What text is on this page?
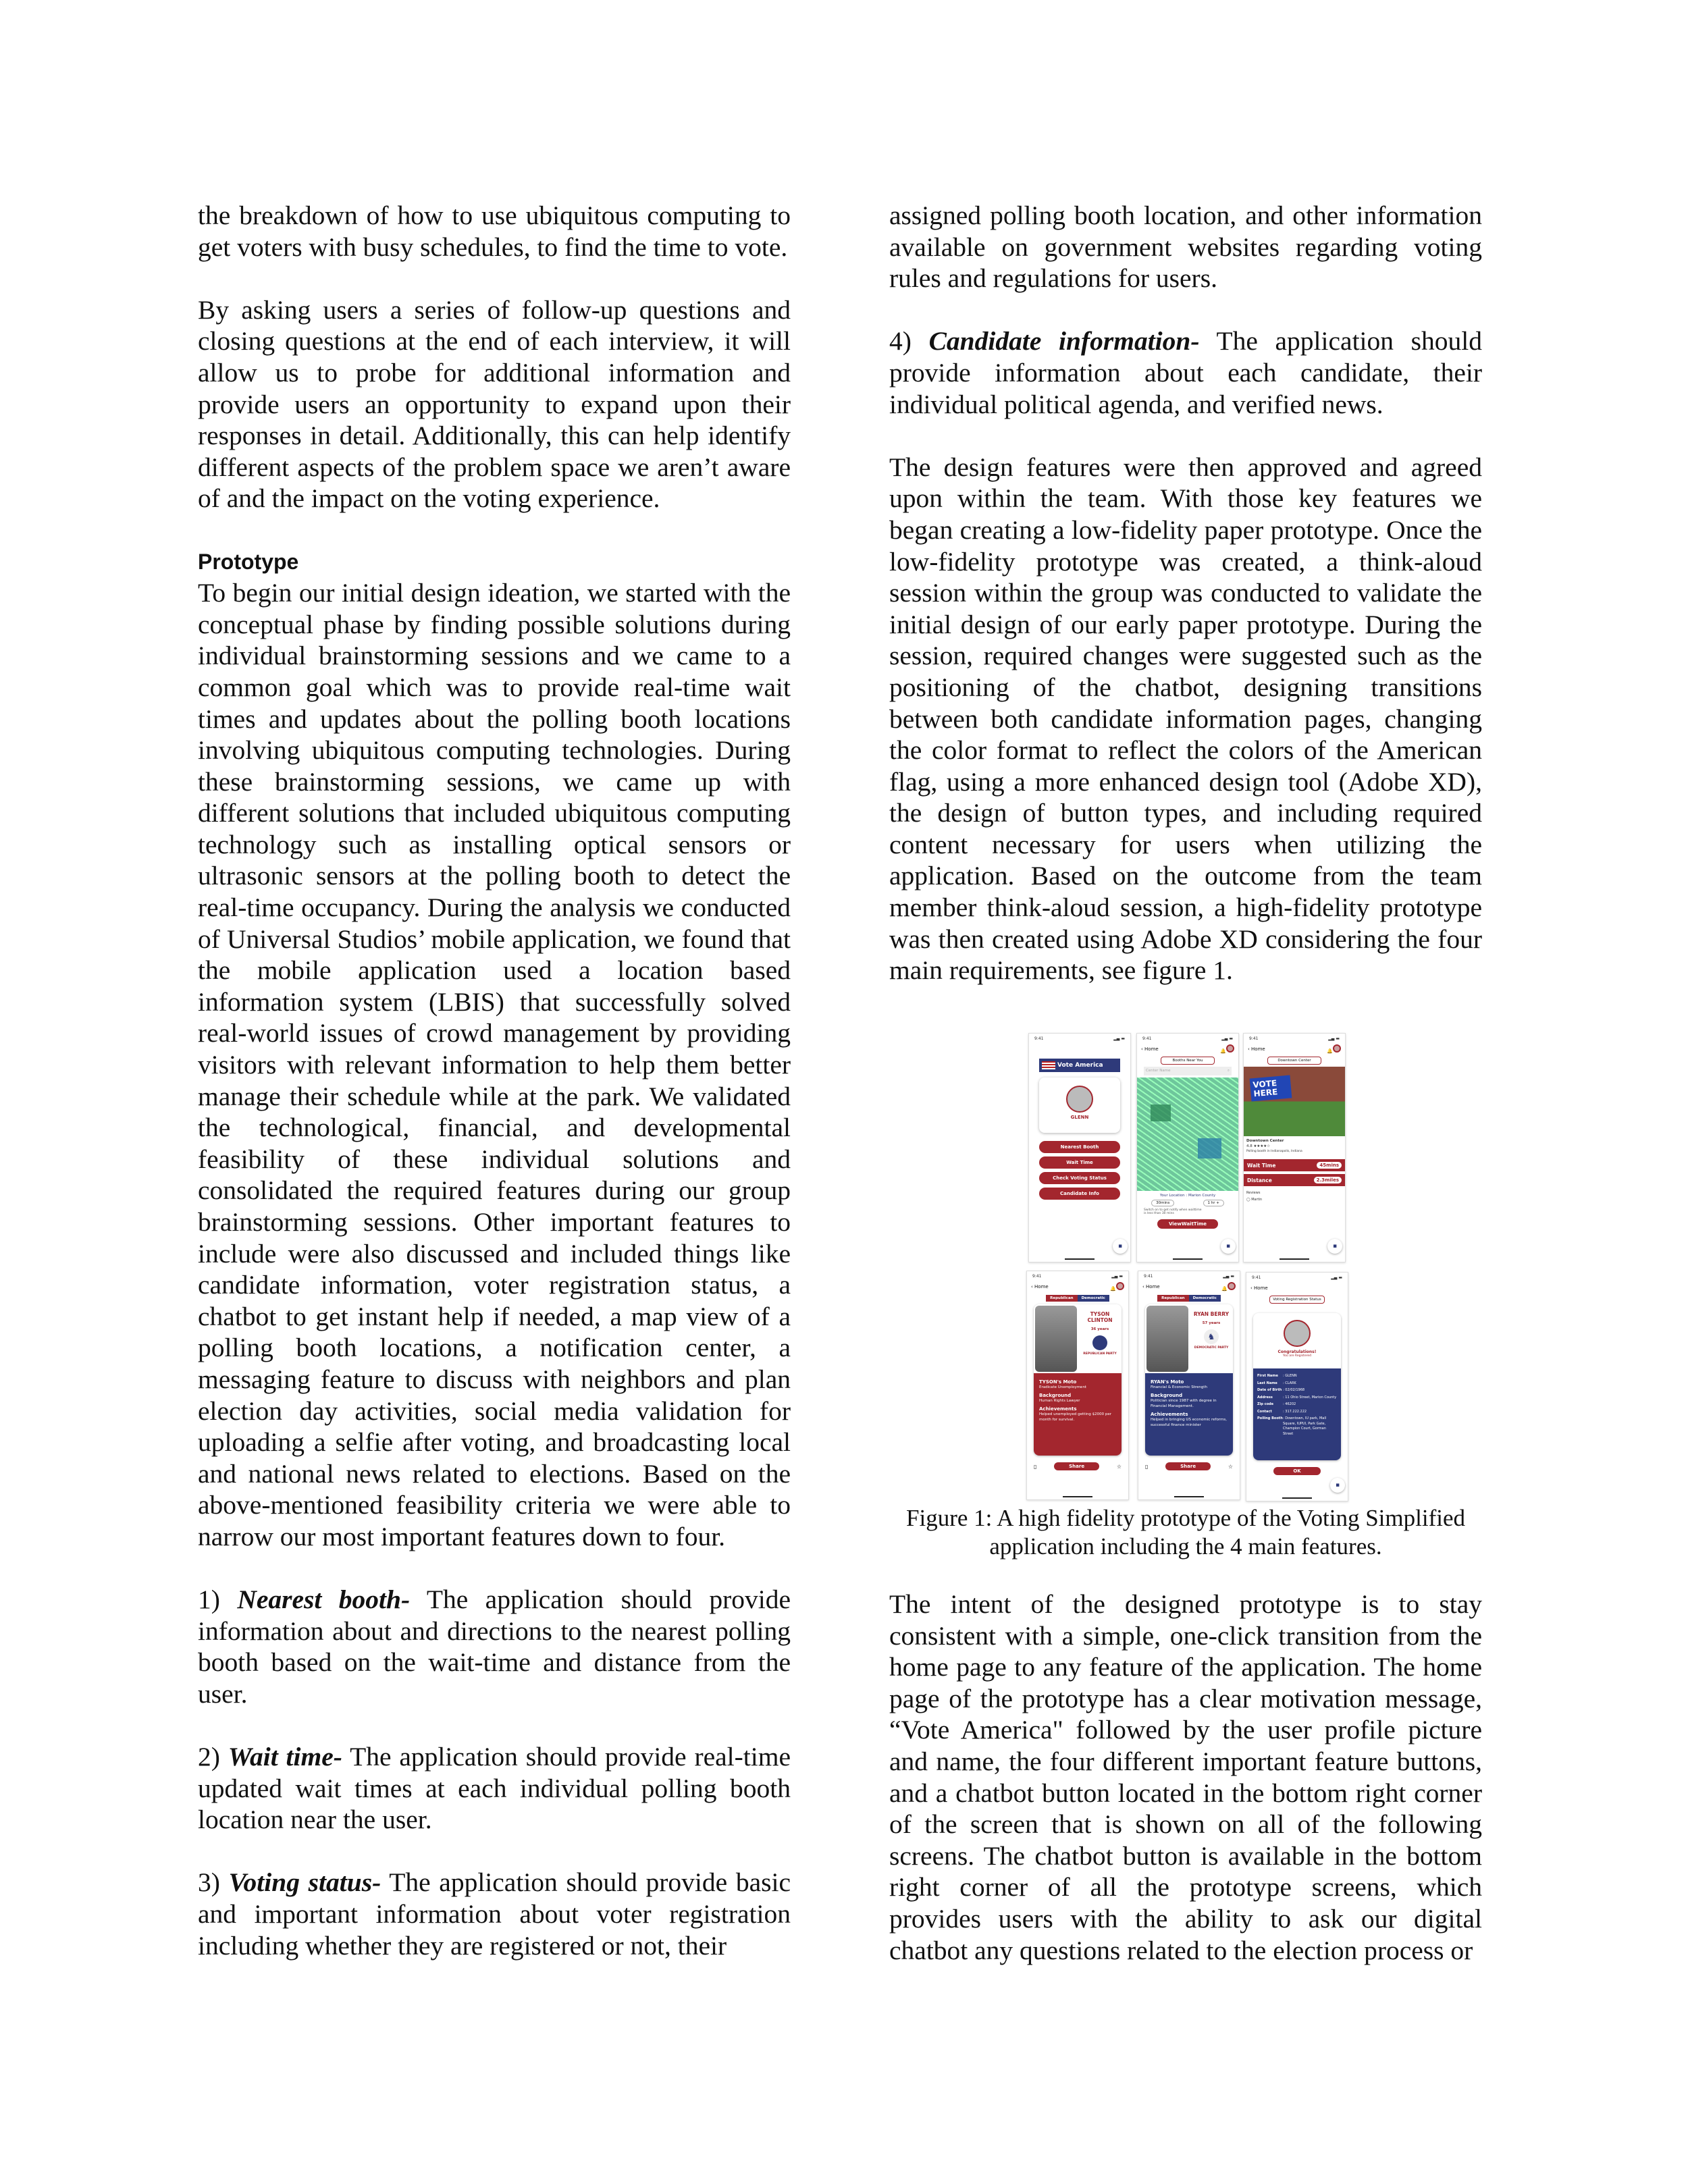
the breakdown of how to use ubiquitous computing to get voters with busy schedules, to find the time to vote.

By asking users a series of follow-up questions and closing questions at the end of each interview, it will allow us to probe for additional information and provide users an opportunity to expand upon their responses in detail. Additionally, this can help identify different aspects of the problem space we aren’t aware of and the impact on the voting experience.

Prototype

To begin our initial design ideation, we started with the conceptual phase by finding possible solutions during individual brainstorming sessions and we came to a common goal which was to provide real-time wait times and updates about the polling booth locations involving ubiquitous computing technologies. During these brainstorming sessions, we came up with different solutions that included ubiquitous computing technology such as installing optical sensors or ultrasonic sensors at the polling booth to detect the real-time occupancy. During the analysis we conducted of Universal Studios’ mobile application, we found that the mobile application used a location based information system (LBIS) that successfully solved real-world issues of crowd management by providing visitors with relevant information to help them better manage their schedule while at the park. We validated the technological, financial, and developmental feasibility of these individual solutions and consolidated the required features during our group brainstorming sessions. Other important features to include were also discussed and included things like candidate information, voter registration status, a chatbot to get instant help if needed, a map view of a polling booth locations, a notification center, a messaging feature to discuss with neighbors and plan election day activities, social media validation for uploading a selfie after voting, and broadcasting local and national news related to elections. Based on the above-mentioned feasibility criteria we were able to narrow our most important features down to four.

1) Nearest booth- The application should provide information about and directions to the nearest polling booth based on the wait-time and distance from the user.

2) Wait time- The application should provide real-time updated wait times at each individual polling booth location near the user.

3) Voting status- The application should provide basic and important information about voter registration including whether they are registered or not, their

assigned polling booth location, and other information available on government websites regarding voting rules and regulations for users.

4) Candidate information- The application should provide information about each candidate, their individual political agenda, and verified news.

The design features were then approved and agreed upon within the team. With those key features we began creating a low-fidelity paper prototype. Once the low-fidelity prototype was created, a think-aloud session within the group was conducted to validate the initial design of our early paper prototype. During the session, required changes were suggested such as the positioning of the chatbot, designing transitions between both candidate information pages, changing the color format to reflect the colors of the American flag, using a more enhanced design tool (Adobe XD), the design of button types, and including required content necessary for users when utilizing the application. Based on the outcome from the team member think-aloud session, a high-fidelity prototype was then created using Adobe XD considering the four main requirements, see figure 1.

9:41	▂▄ ▬
Vote America
GLENN
Nearest Booth
Wait Time
Check Voting Status
Candidate Info
▪
9:41	▂▄ ▬
‹ Home	🔔
Booths Near You
Center Name	⌕
Your Location : Marion County
30mins	1 hr +
Switch on to get notify when waittime is less than 30 mins
ViewWaitTime
▪
9:41	▂▄ ▬
‹ Home	🔔
Downtown Center
VOTE HERE
Downtown Center
4.8 ★★★★☆
Polling booth in Indianapolis, Indiana
Wait Time	45mins
Distance	2.3miles
Reviews
◯ Martin
▪
9:41	▂▄ ▬
‹ Home	🔔
Republican	Democratic
TYSON CLINTON
36 years
REPUBLICAN PARTY
TYSON's Moto
Eradicate Unemployment
Background
Human Rights Lawyer
Achievements
Helped unemployed getting $2000 per month for survival.
▯	Share	☆
9:41	▂▄ ▬
‹ Home	🔔
Republican	Democratic
RYAN BERRY
57 years
♞
DEMOCRATIC PARTY
RYAN's Moto
Financial & Economic Strength
Background
Politician since 1987 with degree in Financial Management.
Achievements
Helped in bringing US economic reforms, successful finance minister
▯	Share	☆
9:41	▂▄ ▬
‹ Home
Voting Registration Status
Congratulations!
You are Registered
First Name	: GLENN
Last Name	: CLARK
Date of Birth : 02/02/1968
Address	: 11 Ohio Street, Marion County
Zip code	: 46202
Contact	: 317.222.222
Polling Booth : Downtown, IU park, Mall Square, IUPUI, Park Gate, Champion Court, Gorman Street
OK
▪
Figure 1: A high fidelity prototype of the Voting Simplified
application including the 4 main features.

The intent of the designed prototype is to stay consistent with a simple, one-click transition from the home page to any feature of the application. The home page of the prototype has a clear motivation message, “Vote America" followed by the user profile picture and name, the four different important feature buttons, and a chatbot button located in the bottom right corner of the screen that is shown on all of the following screens. The chatbot button is available in the bottom right corner of all the prototype screens, which provides users with the ability to ask our digital chatbot any questions related to the election process or
